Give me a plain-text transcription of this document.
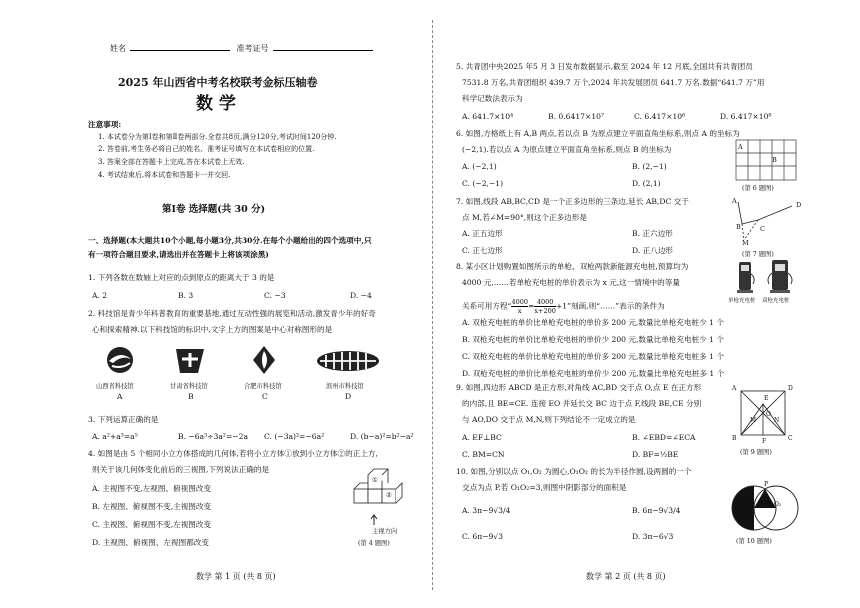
姓名	准考证号
2025 年山西省中考名校联考金标压轴卷
数 学
注意事项:
1. 本试卷分为第Ⅰ卷和第Ⅱ卷两部分.全卷共8页,满分120分,考试时间120分钟.
2. 答卷前,考生务必将自己的姓名、准考证号填写在本试卷相应的位置.
3. 答案全部在答题卡上完成,答在本试卷上无效.
4. 考试结束后,将本试卷和答题卡一并交回.
第Ⅰ卷 选择题(共 30 分)
一、选择题(本大题共10个小题,每小题3分,共30分.在每个小题给出的四个选项中,只
有一项符合题目要求,请选出并在答题卡上将该项涂黑)
1. 下列各数在数轴上对应的点到原点的距离大于 3 的是
A. 2	B. 3	C. −3	D. −4
2. 科技馆是青少年科普教育的重要基地,通过互动性强的展览和活动,激发青少年的好奇
心和探索精神.以下科技馆的标识中,文字上方的图案是中心对称图形的是
山西省科技馆	甘肃省科技馆	合肥市科技馆	滨州市科技馆
A	B	C	D
3. 下列运算正确的是
A. a²+a³=a⁵	B. −6a³÷3a²=−2a C. (−3a)²=−6a²	D. (b−a)²=b²−a²
4. 如图是由 5 个相同小立方体搭成的几何体,若将小立方体①放到小立方体②的正上方,
则关于该几何体变化前后的三视图,下列说法正确的是
A. 主视图不变,左视图、俯视图改变
B. 左视图、俯视图不变,主视图改变
C. 主视图、俯视图不变,左视图改变
D. 主视图、俯视图、左视图都改变
①
②
主视方向
(第 4 题图)
数学 第 1 页 (共 8 页)
5. 共青团中央2025 年5 月 3 日发布数据显示,截至 2024 年 12 月底,全国共有共青团员
7531.8 万名,共青团组织 439.7 万个,2024 年共发展团员 641.7 万名.数据“641.7 万”用
科学记数法表示为
A. 641.7×10⁴	B. 0.6417×10⁷	C. 6.417×10⁶	D. 6.417×10⁸
6. 如图,方格纸上有 A,B 两点,若以点 B 为原点建立平面直角坐标系,则点 A 的坐标为
(−2,1).若以点 A 为原点建立平面直角坐标系,则点 B 的坐标为
A. (−2,1)	B. (2,−1)
C. (−2,−1)	D. (2,1)
A
B
(第 6 题图)
7. 如图,线段 AB,BC,CD 是一个正多边形的三条边,延长 AB,DC 交于
点 M,若∠M=90°,则这个正多边形是
A. 正五边形	B. 正六边形
C. 正七边形	D. 正八边形
A
B	C
D
M
(第 7 题图)
8. 某小区计划购置如图所示的单枪、双枪两款新能源充电桩,预算均为
4000 元,……若单枪充电桩的单价表示为 x 元,这一情境中的等量
关系可用方程“ $\frac{4000}{x} = \frac{4000}{x+200} +1$”刻画,则“……”表示的条件为
单枪充电桩 双枪充电桩
A. 双枪充电桩的单价比单枪充电桩的单价多 200 元,数量比单枪充电桩少 1 个
B. 双枪充电桩的单价比单枪充电桩的单价少 200 元,数量比单枪充电桩少 1 个
C. 双枪充电桩的单价比单枪充电桩的单价多 200 元,数量比单枪充电桩多 1 个
D. 双枪充电桩的单价比单枪充电桩的单价少 200 元,数量比单枪充电桩多 1 个
9. 如图,四边形 ABCD 是正方形,对角线 AC,BD 交于点 O,点 E 在正方形
的内部,且 BE=CE. 连接 EO 并延长交 BC 边于点 F,线段 BE,CE 分别
与 AO,DO 交于点 M,N,则下列结论不一定成立的是
A. EF⊥BC	B. ∠EBD=∠ECA
C. BM=CN	D. BF=½BE
A	D
B	C
E
O
F
M	N
(第 9 题图)
10. 如图,分别以点 O₁,O₂ 为圆心,O₁O₂ 的长为半径作圆,设两圆的一个
交点为点 P.若 O₁O₂=3,则图中阴影部分的面积是
A. 3π−9√3/4	B. 6π−9√3/4
C. 6π−9√3	D. 3π−6√3
P
O₁
O₂
(第 10 题图)
数学 第 2 页 (共 8 页)
